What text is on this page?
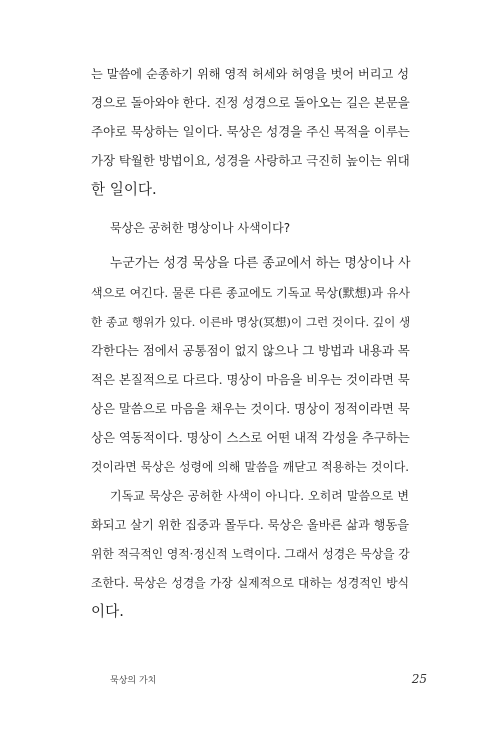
는 말씀에 순종하기 위해 영적 허세와 허영을 벗어 버리고 성
경으로 돌아와야 한다. 진정 성경으로 돌아오는 길은 본문을
주야로 묵상하는 일이다. 묵상은 성경을 주신 목적을 이루는
가장 탁월한 방법이요, 성경을 사랑하고 극진히 높이는 위대
한 일이다.
묵상은 공허한 명상이나 사색이다?
누군가는 성경 묵상을 다른 종교에서 하는 명상이나 사
색으로 여긴다. 물론 다른 종교에도 기독교 묵상(默想)과 유사
한 종교 행위가 있다. 이른바 명상(冥想)이 그런 것이다. 깊이 생
각한다는 점에서 공통점이 없지 않으나 그 방법과 내용과 목
적은 본질적으로 다르다. 명상이 마음을 비우는 것이라면 묵
상은 말씀으로 마음을 채우는 것이다. 명상이 정적이라면 묵
상은 역동적이다. 명상이 스스로 어떤 내적 각성을 추구하는
것이라면 묵상은 성령에 의해 말씀을 깨닫고 적용하는 것이다.
기독교 묵상은 공허한 사색이 아니다. 오히려 말씀으로 변
화되고 살기 위한 집중과 몰두다. 묵상은 올바른 삶과 행동을
위한 적극적인 영적·정신적 노력이다. 그래서 성경은 묵상을 강
조한다. 묵상은 성경을 가장 실제적으로 대하는 성경적인 방식
이다.
묵상의 가치	25
